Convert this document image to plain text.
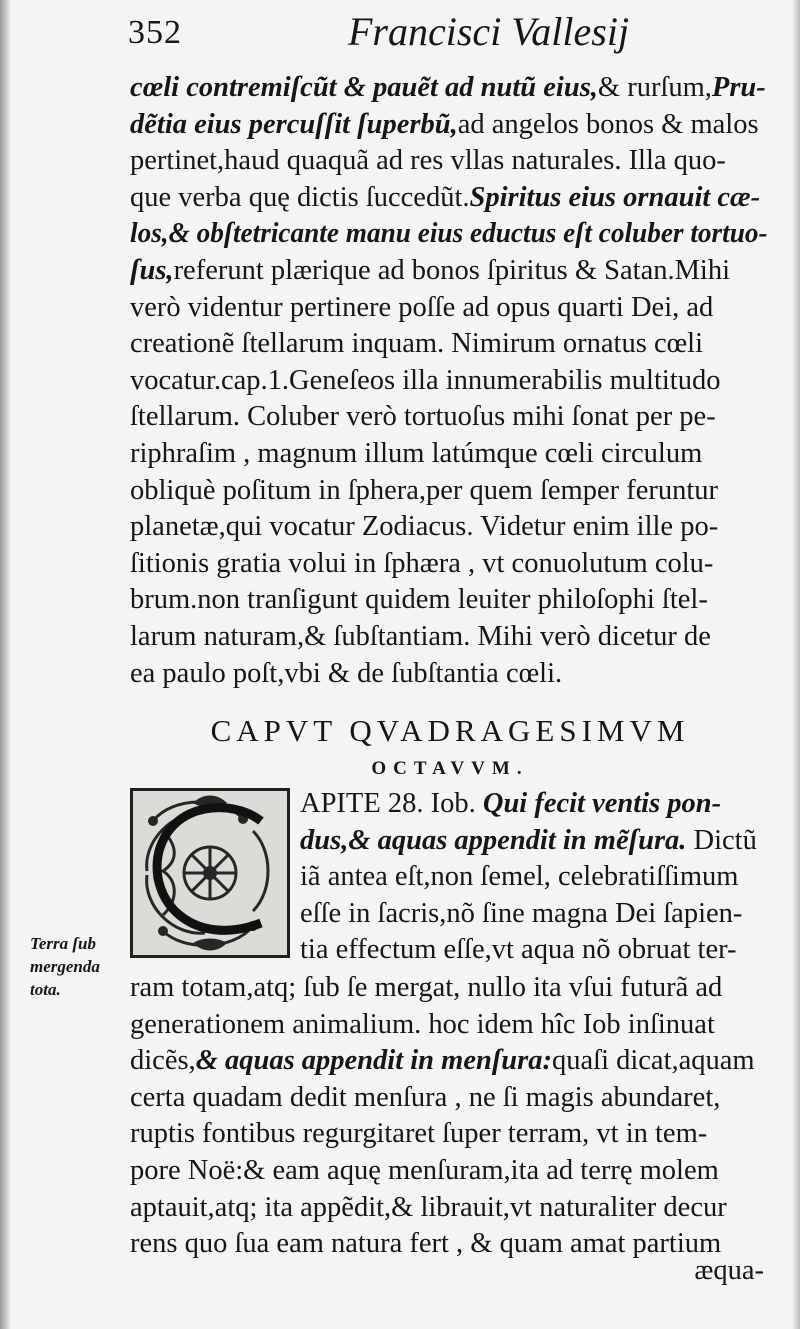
352	Francisci Vallesij
cœli contremiſcũt & pauẽt ad nutũ eius,& rurſum,Pru-
dẽtia eius percuſſit ſuperbũ,ad angelos bonos & malos
pertinet,haud quaquã ad res vllas naturales. Illa quo-
que verba quę dictis ſuccedũt.Spiritus eius ornauit cæ-
los,& obſtetricante manu eius eductus eſt coluber tortuo-
ſus,referunt plærique ad bonos ſpiritus & Satan.Mihi
verò videntur pertinere poſſe ad opus quarti Dei, ad
creationẽ ſtellarum inquam. Nimirum ornatus cœli
vocatur.cap.1.Geneſeos illa innumerabilis multitudo
ſtellarum. Coluber verò tortuoſus mihi ſonat per pe-
riphraſim , magnum illum latúmque cœli circulum
obliquè poſitum in ſphera,per quem ſemper feruntur
planetæ,qui vocatur Zodiacus. Videtur enim ille po-
ſitionis gratia volui in ſphæra , vt conuolutum colu-
brum.non tranſigunt quidem leuiter philoſophi ſtel-
larum naturam,& ſubſtantiam. Mihi verò dicetur de
ea paulo poſt,vbi & de ſubſtantia cœli.
CAPVT QVADRAGESIMVM
OCTAVVM.
APITE 28. Iob. Qui fecit ventis pon-
dus,& aquas appendit in mẽſura. Dictũ
iã antea eſt,non ſemel, celebratiſſimum
eſſe in ſacris,nõ ſine magna Dei ſapien-
tia effectum eſſe,vt aqua nõ obruat ter-
Terra ſub
mergenda
tota.	ram totam,atq; ſub ſe mergat, nullo ita vſui futurã ad
generationem animalium. hoc idem hîc Iob inſinuat
dicẽs,& aquas appendit in menſura:quaſi dicat,aquam
certa quadam dedit menſura , ne ſi magis abundaret,
ruptis fontibus regurgitaret ſuper terram, vt in tem-
pore Noë:& eam aquę menſuram,ita ad terrę molem
aptauit,atq; ita appẽdit,& librauit,vt naturaliter decur
rens quo ſua eam natura fert , & quam amat partium
æqua-
